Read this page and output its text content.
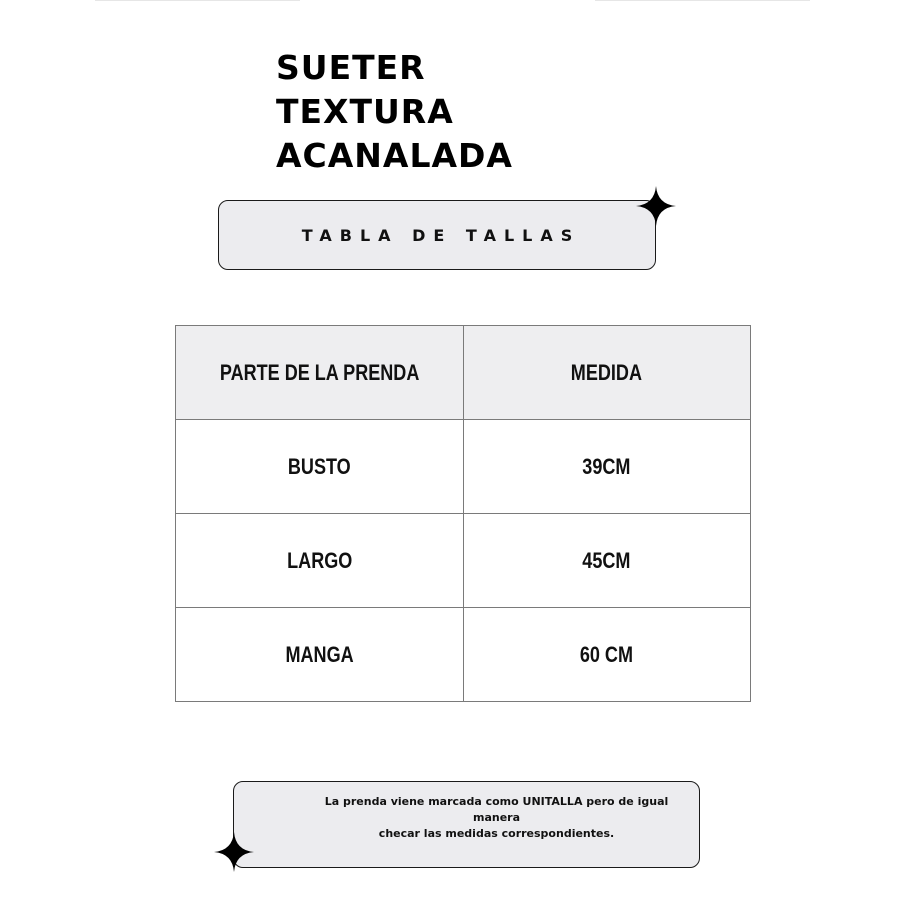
SUETER
TEXTURA
ACANALADA
TABLA DE TALLAS
PARTE DE LA PRENDA	MEDIDA
BUSTO	39CM
LARGO	45CM
MANGA	60 CM
La prenda viene marcada como UNITALLA pero de igual manera
checar las medidas correspondientes.
